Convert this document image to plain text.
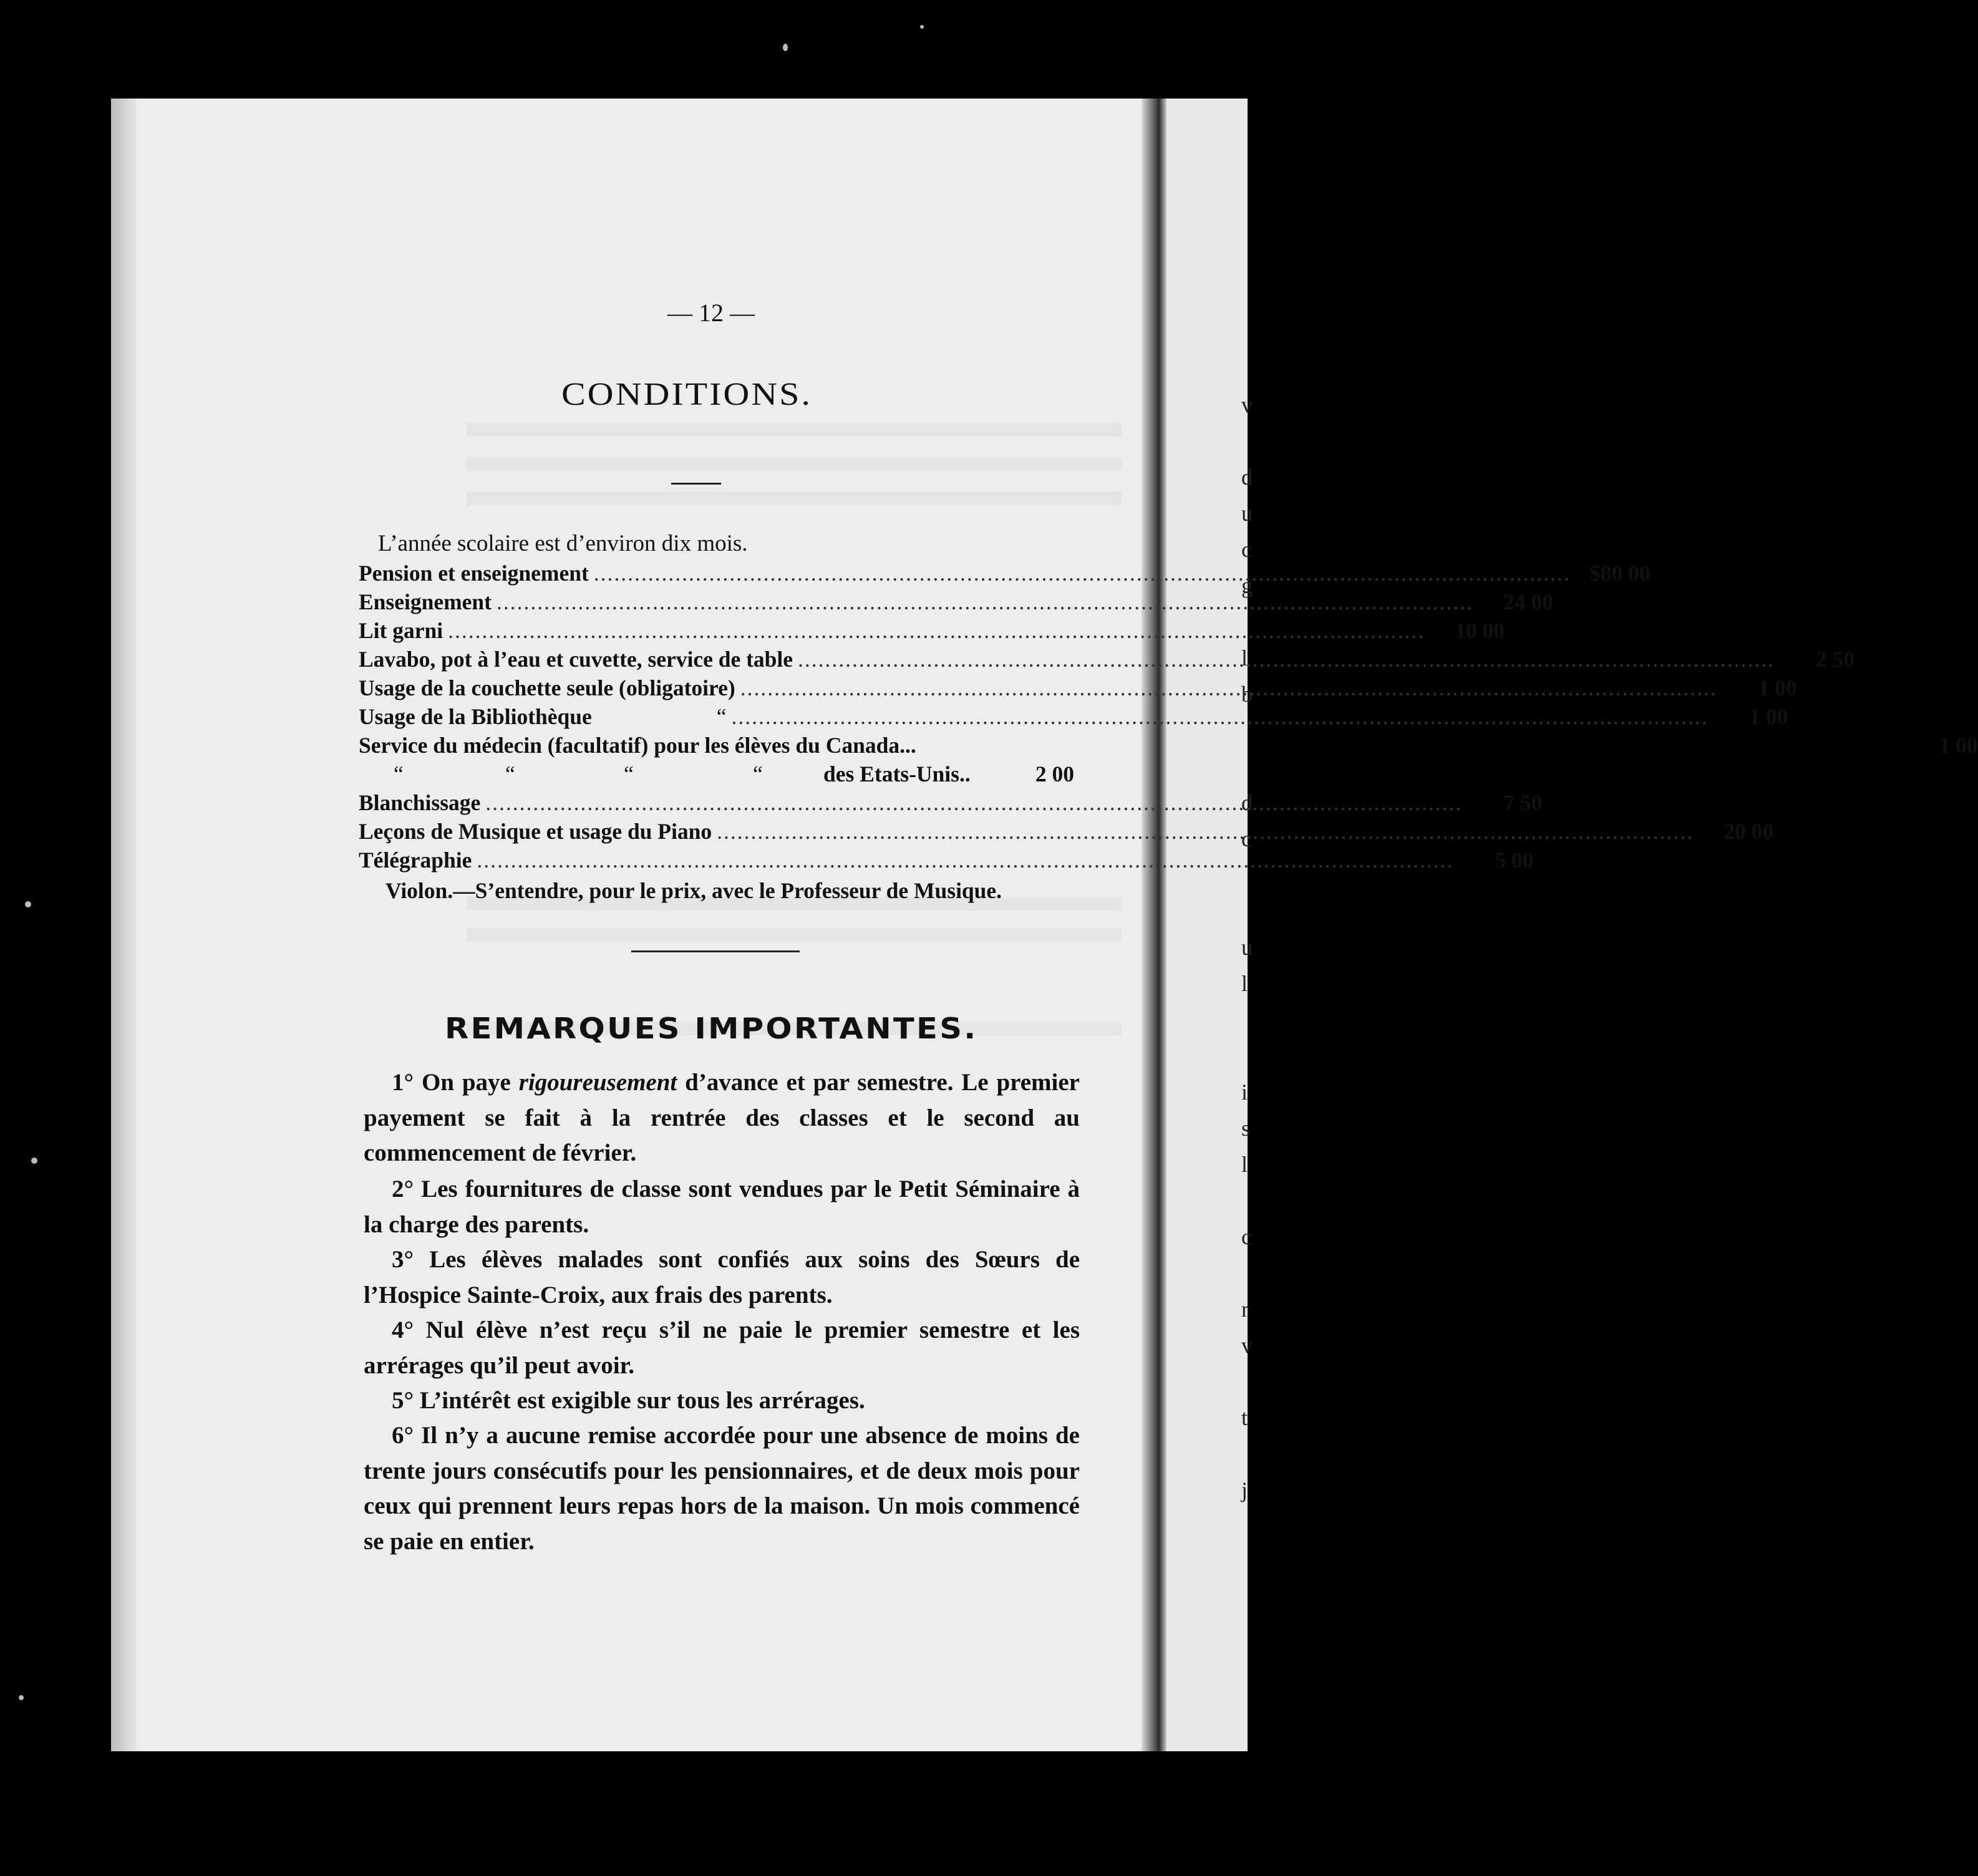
v

d
u
c
g

l
b

d
c

u
l

i
s
l

c

r
v

t

j
— 12 —
CONDITIONS.
L’année scolaire est d’environ dix mois.
Pension et enseignement .....	$80 00
Enseignement .....	24 00
Lit garni .....	10 00
Lavabo, pot à l’eau et cuvette, service de table .....	2 50
Usage de la couchette seule (obligatoire) .....	1 00
Usage de la Bibliothèque	“ .....	1 00
Service du médecin (facultatif) pour les élèves du Canada...	1 00
“	“	“	“	des Etats-Unis..	2 00
Blanchissage .....	7 50
Leçons de Musique et usage du Piano .....	20 00
Télégraphie .....	5 00
Violon.—S’entendre, pour le prix, avec le Professeur de Musique.
REMARQUES IMPORTANTES.
1° On paye rigoureusement d’avance et par semestre. Le premier payement se fait à la rentrée des classes et le second au commencement de février.
2° Les fournitures de classe sont vendues par le Petit Séminaire à la charge des parents.
3° Les élèves malades sont confiés aux soins des Sœurs de l’Hospice Sainte-Croix, aux frais des parents.
4° Nul élève n’est reçu s’il ne paie le premier semestre et les arrérages qu’il peut avoir.
5° L’intérêt est exigible sur tous les arrérages.
6° Il n’y a aucune remise accordée pour une absence de moins de trente jours consécutifs pour les pensionnaires, et de deux mois pour ceux qui prennent leurs repas hors de la maison. Un mois commencé se paie en entier.
